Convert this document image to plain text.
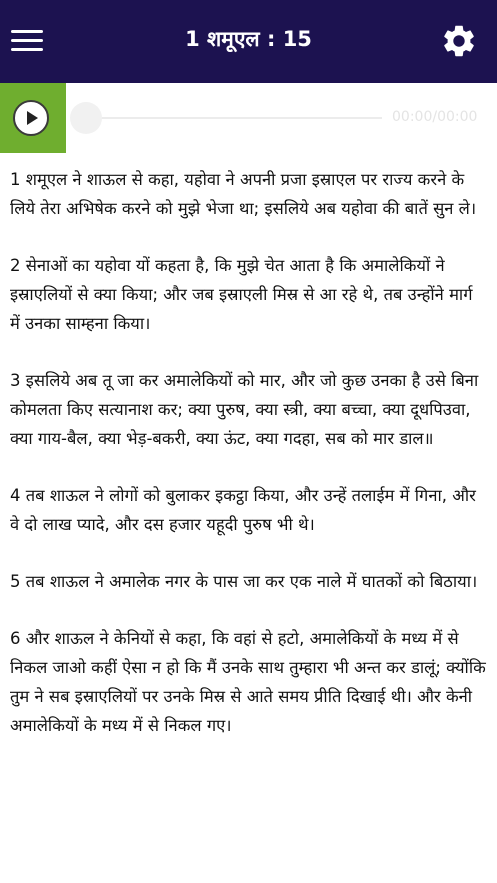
1 शमूएल : 15
00:00/00:00

1 शमूएल ने शाऊल से कहा, यहोवा ने अपनी प्रजा इस्राएल पर राज्य करने के लिये तेरा अभिषेक करने को मुझे भेजा था; इसलिये अब यहोवा की बातें सुन ले।

2 सेनाओं का यहोवा यों कहता है, कि मुझे चेत आता है कि अमालेकियों ने इस्राएलियों से क्या किया; और जब इस्राएली मिस्र से आ रहे थे, तब उन्होंने मार्ग में उनका साम्हना किया।

3 इसलिये अब तू जा कर अमालेकियों को मार, और जो कुछ उनका है उसे बिना कोमलता किए सत्यानाश कर; क्या पुरुष, क्या स्त्री, क्या बच्चा, क्या दूधपिउवा, क्या गाय-बैल, क्या भेड़-बकरी, क्या ऊंट, क्या गदहा, सब को मार डाल॥

4 तब शाऊल ने लोगों को बुलाकर इकट्ठा किया, और उन्हें तलाईम में गिना, और वे दो लाख प्यादे, और दस हजार यहूदी पुरुष भी थे।

5 तब शाऊल ने अमालेक नगर के पास जा कर एक नाले में घातकों को बिठाया।

6 और शाऊल ने केनियों से कहा, कि वहां से हटो, अमालेकियों के मध्य में से निकल जाओ कहीं ऐसा न हो कि मैं उनके साथ तुम्हारा भी अन्त कर डालूं; क्योंकि तुम ने सब इस्राएलियों पर उनके मिस्र से आते समय प्रीति दिखाई थी। और केनी अमालेकियों के मध्य में से निकल गए।
